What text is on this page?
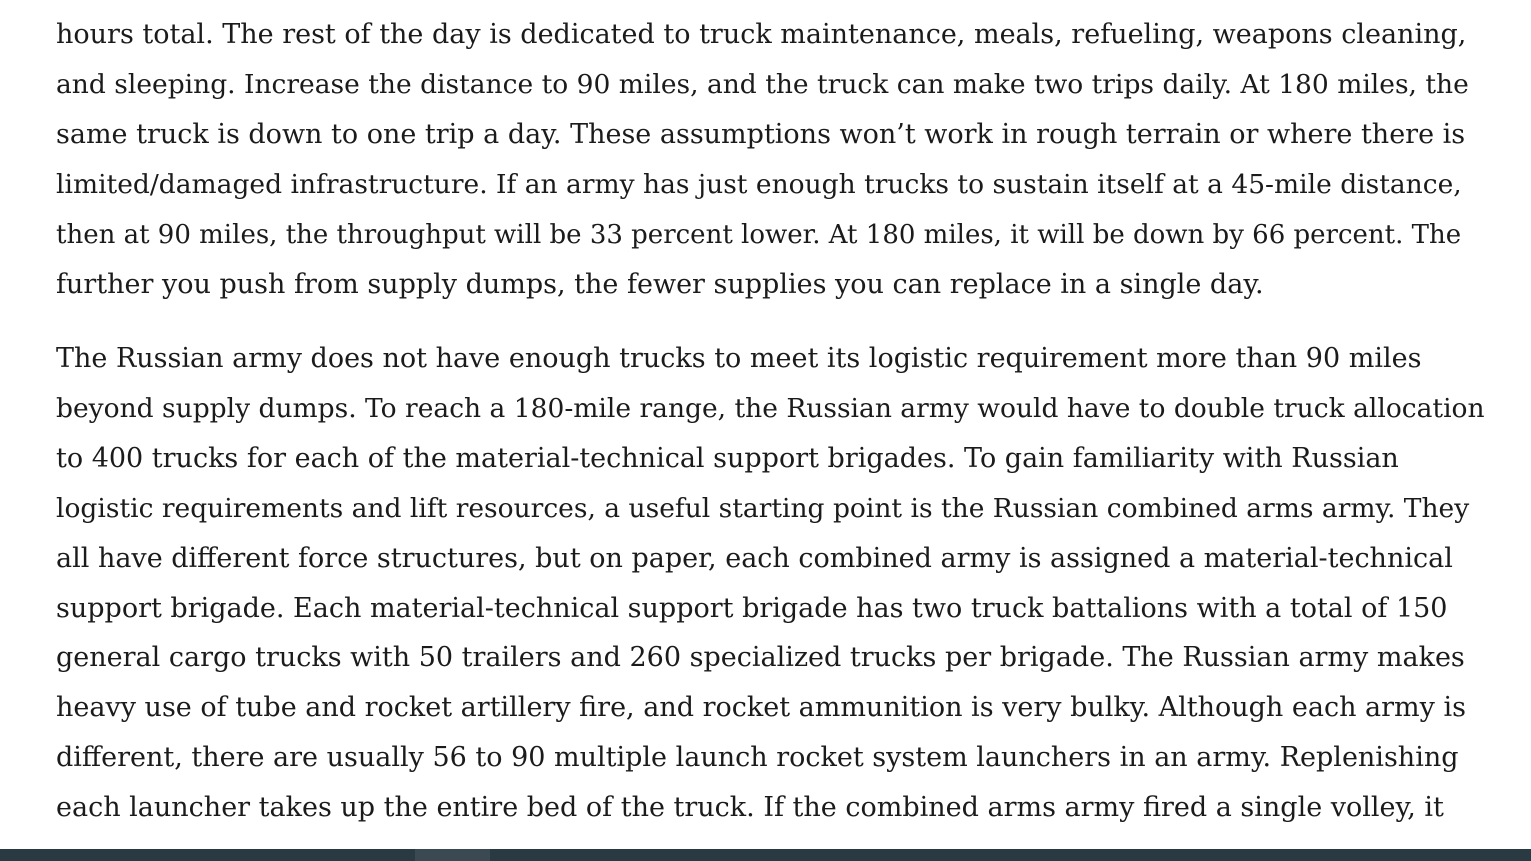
hours total. The rest of the day is dedicated to truck maintenance, meals, refueling, weapons cleaning,
and sleeping. Increase the distance to 90 miles, and the truck can make two trips daily. At 180 miles, the
same truck is down to one trip a day. These assumptions won’t work in rough terrain or where there is
limited/damaged infrastructure. If an army has just enough trucks to sustain itself at a 45-mile distance,
then at 90 miles, the throughput will be 33 percent lower. At 180 miles, it will be down by 66 percent. The
further you push from supply dumps, the fewer supplies you can replace in a single day.
The Russian army does not have enough trucks to meet its logistic requirement more than 90 miles
beyond supply dumps. To reach a 180-mile range, the Russian army would have to double truck allocation
to 400 trucks for each of the material-technical support brigades. To gain familiarity with Russian
logistic requirements and lift resources, a useful starting point is the Russian combined arms army. They
all have different force structures, but on paper, each combined army is assigned a material-technical
support brigade. Each material-technical support brigade has two truck battalions with a total of 150
general cargo trucks with 50 trailers and 260 specialized trucks per brigade. The Russian army makes
heavy use of tube and rocket artillery fire, and rocket ammunition is very bulky. Although each army is
different, there are usually 56 to 90 multiple launch rocket system launchers in an army. Replenishing
each launcher takes up the entire bed of the truck. If the combined arms army fired a single volley, it
